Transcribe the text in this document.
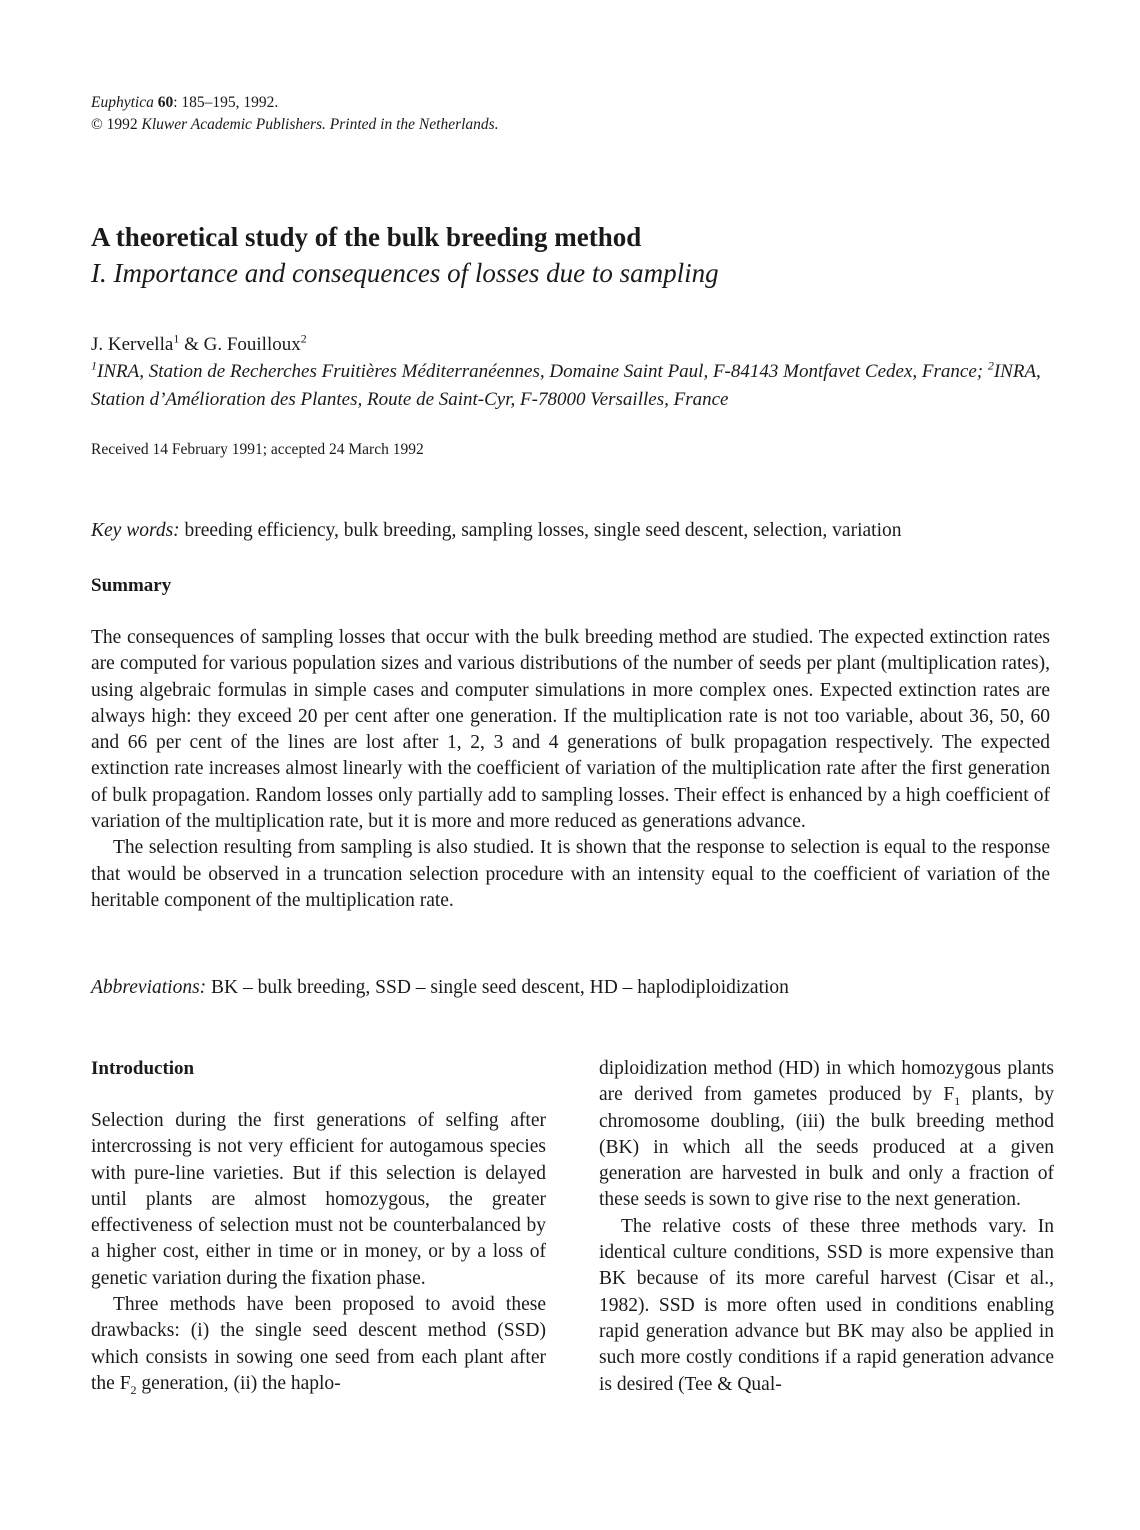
Euphytica 60: 185–195, 1992.
© 1992 Kluwer Academic Publishers. Printed in the Netherlands.
A theoretical study of the bulk breeding method
I. Importance and consequences of losses due to sampling
J. Kervella$^1$ & G. Fouilloux$^2$
$^1$INRA, Station de Recherches Fruitières Méditerranéennes, Domaine Saint Paul, F-84143 Montfavet Cedex, France; $^2$INRA, Station d’Amélioration des Plantes, Route de Saint-Cyr, F-78000 Versailles, France
Received 14 February 1991; accepted 24 March 1992
Key words: breeding efficiency, bulk breeding, sampling losses, single seed descent, selection, variation
Summary

The consequences of sampling losses that occur with the bulk breeding method are studied. The expected extinction rates are computed for various population sizes and various distributions of the number of seeds per plant (multiplication rates), using algebraic formulas in simple cases and computer simulations in more complex ones. Expected extinction rates are always high: they exceed 20 per cent after one generation. If the multiplication rate is not too variable, about 36, 50, 60 and 66 per cent of the lines are lost after 1, 2, 3 and 4 generations of bulk propagation respectively. The expected extinction rate increases almost linearly with the coefficient of variation of the multiplication rate after the first generation of bulk propagation. Random losses only partially add to sampling losses. Their effect is enhanced by a high coefficient of variation of the multiplication rate, but it is more and more reduced as generations advance.

The selection resulting from sampling is also studied. It is shown that the response to selection is equal to the response that would be observed in a truncation selection procedure with an intensity equal to the coefficient of variation of the heritable component of the multiplication rate.

Abbreviations: BK – bulk breeding, SSD – single seed descent, HD – haplodiploidization

Introduction

Selection during the first generations of selfing after intercrossing is not very efficient for autogamous species with pure-line varieties. But if this selection is delayed until plants are almost homozygous, the greater effectiveness of selection must not be counterbalanced by a higher cost, either in time or in money, or by a loss of genetic variation during the fixation phase.

Three methods have been proposed to avoid these drawbacks: (i) the single seed descent method (SSD) which consists in sowing one seed from each plant after the $F_2$ generation, (ii) the haplo-

diploidization method (HD) in which homozygous plants are derived from gametes produced by $F_1$ plants, by chromosome doubling, (iii) the bulk breeding method (BK) in which all the seeds produced at a given generation are harvested in bulk and only a fraction of these seeds is sown to give rise to the next generation.

The relative costs of these three methods vary. In identical culture conditions, SSD is more expensive than BK because of its more careful harvest (Cisar et al., 1982). SSD is more often used in conditions enabling rapid generation advance but BK may also be applied in such more costly conditions if a rapid generation advance is desired (Tee & Qual-
